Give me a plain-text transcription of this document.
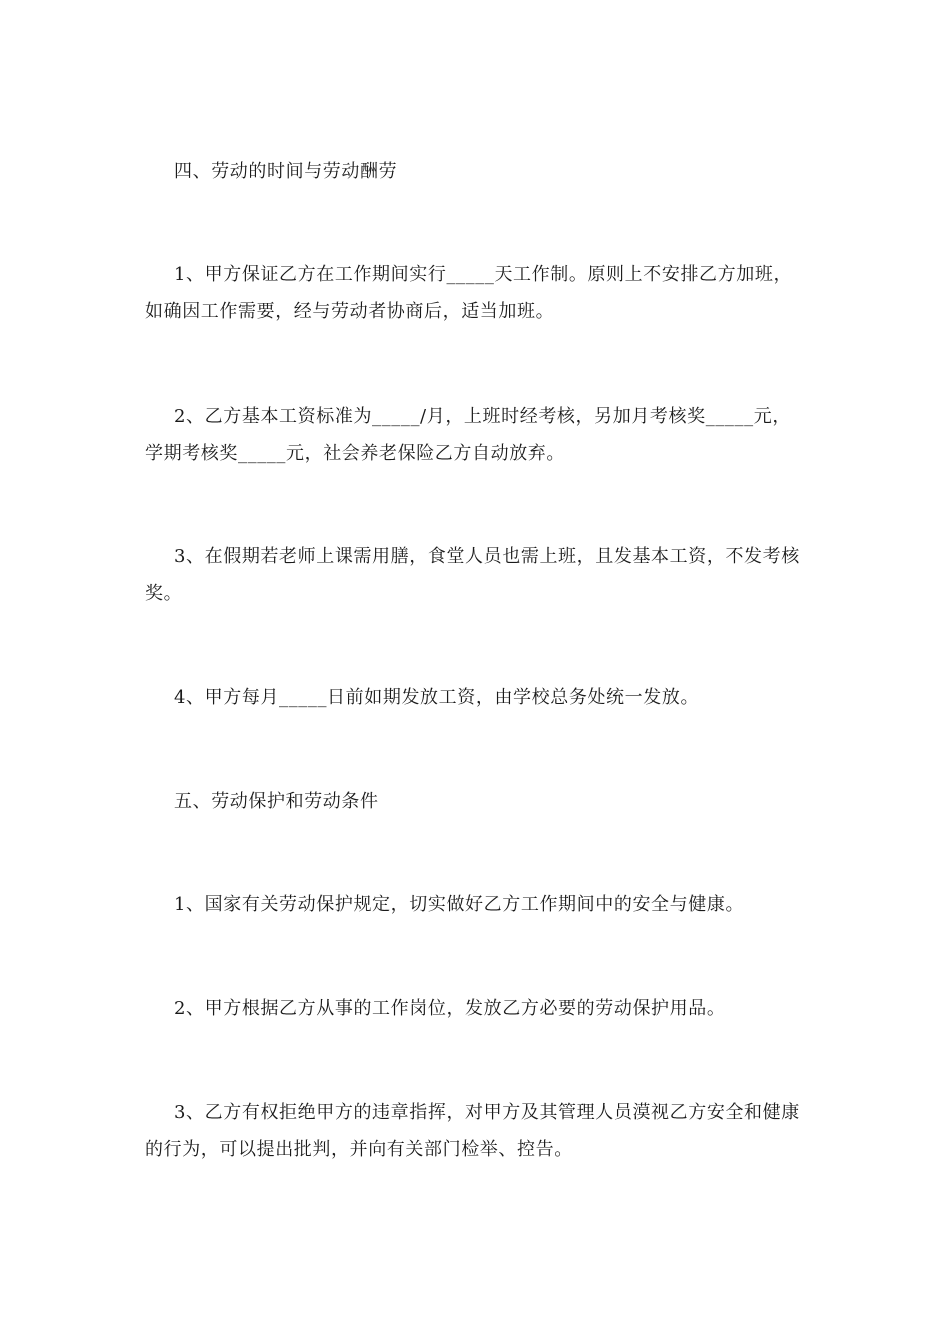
四、劳动的时间与劳动酬劳

1、甲方保证乙方在工作期间实行_____天工作制。原则上不安排乙方加班，如确因工作需要，经与劳动者协商后，适当加班。

2、乙方基本工资标准为_____/月，上班时经考核，另加月考核奖_____元，学期考核奖_____元，社会养老保险乙方自动放弃。

3、在假期若老师上课需用膳，食堂人员也需上班，且发基本工资，不发考核奖。

4、甲方每月_____日前如期发放工资，由学校总务处统一发放。

五、劳动保护和劳动条件

1、国家有关劳动保护规定，切实做好乙方工作期间中的安全与健康。

2、甲方根据乙方从事的工作岗位，发放乙方必要的劳动保护用品。

3、乙方有权拒绝甲方的违章指挥，对甲方及其管理人员漠视乙方安全和健康的行为，可以提出批判，并向有关部门检举、控告。
